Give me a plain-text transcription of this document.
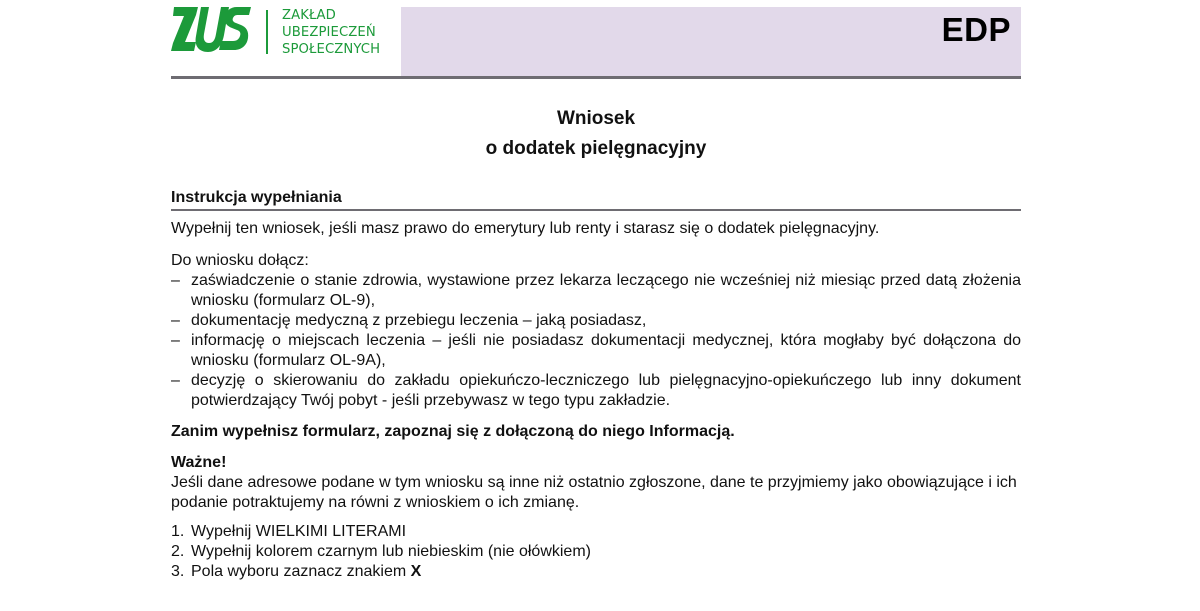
ZAKŁAD
UBEZPIECZEŃ
SPOŁECZNYCH
EDP
Wniosek
o dodatek pielęgnacyjny
Instrukcja wypełniania
Wypełnij ten wniosek, jeśli masz prawo do emerytury lub renty i starasz się o dodatek pielęgnacyjny.
Do wniosku dołącz:
– zaświadczenie o stanie zdrowia, wystawione przez lekarza leczącego nie wcześniej niż miesiąc przed datą złożenia wniosku (formularz OL-9),
– dokumentację medyczną z przebiegu leczenia – jaką posiadasz,
– informację o miejscach leczenia – jeśli nie posiadasz dokumentacji medycznej, która mogłaby być dołączona do wniosku (formularz OL-9A),
– decyzję o skierowaniu do zakładu opiekuńczo-leczniczego lub pielęgnacyjno-opiekuńczego lub inny dokument potwierdzający Twój pobyt - jeśli przebywasz w tego typu zakładzie.
Zanim wypełnisz formularz, zapoznaj się z dołączoną do niego Informacją.
Ważne!
Jeśli dane adresowe podane w tym wniosku są inne niż ostatnio zgłoszone, dane te przyjmiemy jako obowiązujące i ich podanie potraktujemy na równi z wnioskiem o ich zmianę.
1. Wypełnij WIELKIMI LITERAMI
2. Wypełnij kolorem czarnym lub niebieskim (nie ołówkiem)
3. Pola wyboru zaznacz znakiem X
